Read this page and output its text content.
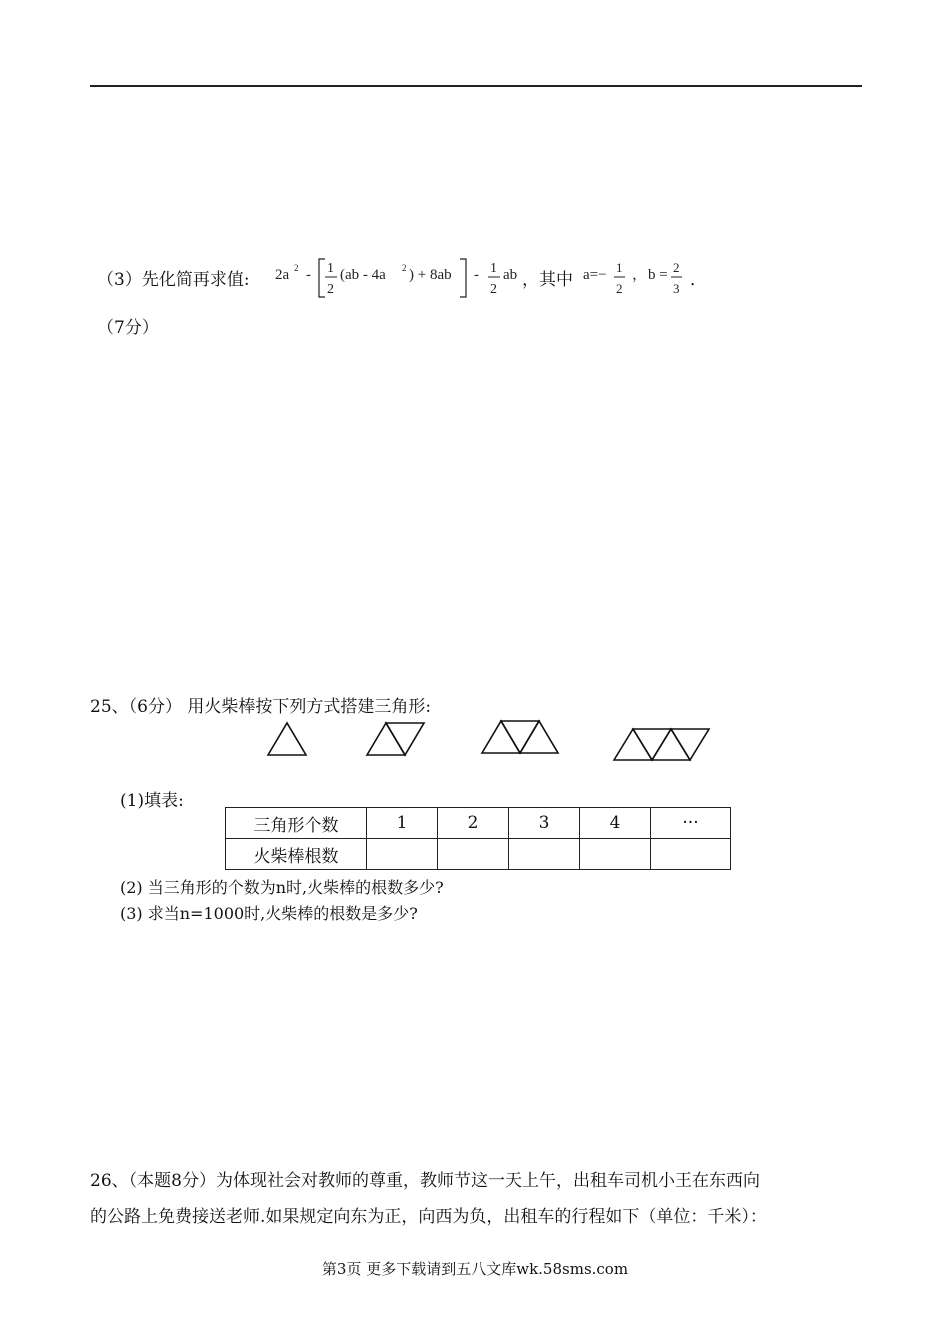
（3）先化简再求值: 2a 2 - 1
2
(ab - 4a 2 ) + 8ab - 1
2
ab ，其中 a=− 1
2
， b = 2
3 ．
（7分）
25、（6分） 用火柴棒按下列方式搭建三角形:
(1)填表:
三角形个数	1	2	3	4	···
火柴棒根数					
(2) 当三角形的个数为n时,火柴棒的根数多少?
(3) 求当n=1000时,火柴棒的根数是多少?
26、（本题8分）为体现社会对教师的尊重，教师节这一天上午，出租车司机小王在东西向
的公路上免费接送老师.如果规定向东为正，向西为负，出租车的行程如下（单位：千米）：
第3页 更多下载请到五八文库wk.58sms.com
